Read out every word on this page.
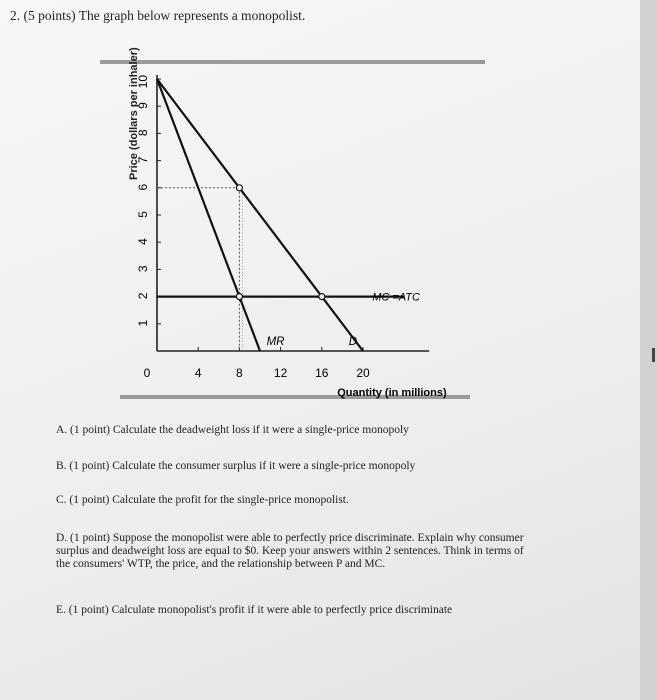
2. (5 points) The graph below represents a monopolist.

1
2
3
4
5
6
7
8
9
10
0	4	8	12 16 20
Quantity (in millions)
MR	D
MC =ATC
Price (dollars per inhaler)

A. (1 point) Calculate the deadweight loss if it were a single-price monopoly

B. (1 point) Calculate the consumer surplus if it were a single-price monopoly

C. (1 point) Calculate the profit for the single-price monopolist.

D. (1 point) Suppose the monopolist were able to perfectly price discriminate. Explain why consumer surplus and deadweight loss are equal to $0. Keep your answers within 2 sentences. Think in terms of the consumers' WTP, the price, and the relationship between P and MC.

E. (1 point) Calculate monopolist's profit if it were able to perfectly price discriminate
